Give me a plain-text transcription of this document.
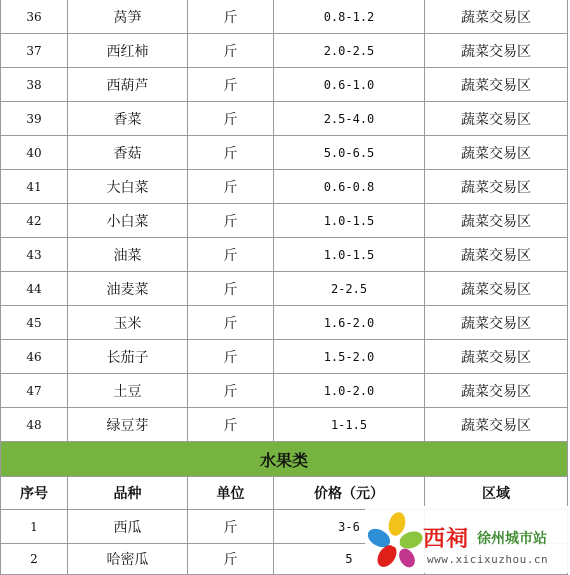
36	莴笋	斤	0.8-1.2	蔬菜交易区
37	西红柿	斤	2.0-2.5	蔬菜交易区
38	西葫芦	斤	0.6-1.0	蔬菜交易区
39	香菜	斤	2.5-4.0	蔬菜交易区
40	香菇	斤	5.0-6.5	蔬菜交易区
41	大白菜	斤	0.6-0.8	蔬菜交易区
42	小白菜	斤	1.0-1.5	蔬菜交易区
43	油菜	斤	1.0-1.5	蔬菜交易区
44	油麦菜	斤	2-2.5	蔬菜交易区
45	玉米	斤	1.6-2.0	蔬菜交易区
46	长茄子	斤	1.5-2.0	蔬菜交易区
47	土豆	斤	1.0-2.0	蔬菜交易区
48	绿豆芽	斤	1-1.5	蔬菜交易区
水果类				
序号	品种	单位	价格（元）	区域
1	西瓜	斤	3-6	
2	哈密瓜	斤	5	
西祠 徐州城市站
www.xicixuzhou.cn
